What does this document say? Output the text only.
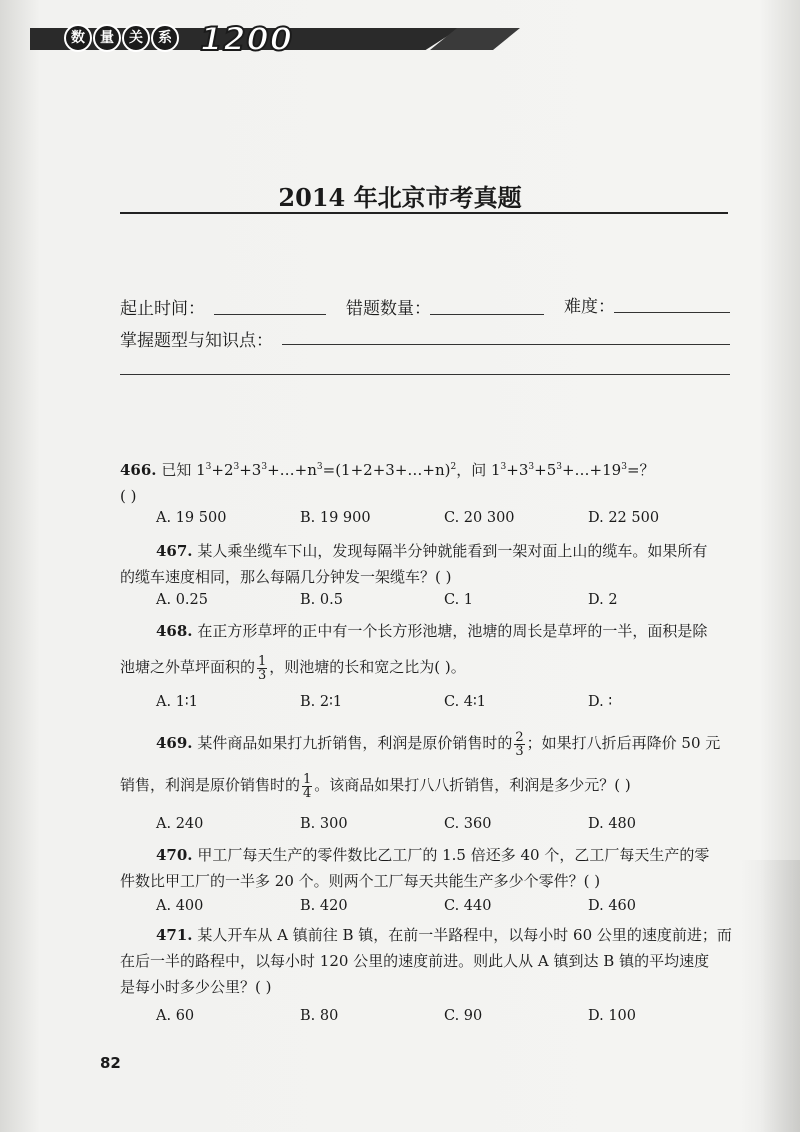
数	量	关	系 1200
2014 年北京市考真题
起止时间：	错题数量：	难度：
掌握题型与知识点：
466. 已知 $1^3+2^3+3^3+\dots+n^3=(1+2+3+\dots+n)^2$，问 $1^3+3^3+5^3+\dots+19^3=$？
( )
A. 19 500	B. 19 900	C. 20 300	D. 22 500
467. 某人乘坐缆车下山，发现每隔半分钟就能看到一架对面上山的缆车。如果所有
的缆车速度相同，那么每隔几分钟发一架缆车？( )
A. 0.25	B. 0.5	C. 1	D. 2
468. 在正方形草坪的正中有一个长方形池塘，池塘的周长是草坪的一半，面积是除
池塘之外草坪面积的 $\frac{1}{3}$ ，则池塘的长和宽之比为( )。
A. 1∶1	B. 2∶1	C. 4∶1	D. ∶
469. 某件商品如果打九折销售，利润是原价销售时的 $\frac{2}{3}$ ；如果打八折后再降价 50 元
销售，利润是原价销售时的 $\frac{1}{4}$ 。该商品如果打八八折销售，利润是多少元？( )
A. 240	B. 300	C. 360	D. 480
470. 甲工厂每天生产的零件数比乙工厂的 1.5 倍还多 40 个，乙工厂每天生产的零
件数比甲工厂的一半多 20 个。则两个工厂每天共能生产多少个零件？( )
A. 400	B. 420	C. 440	D. 460
471. 某人开车从 A 镇前往 B 镇，在前一半路程中，以每小时 60 公里的速度前进；而
在后一半的路程中，以每小时 120 公里的速度前进。则此人从 A 镇到达 B 镇的平均速度
是每小时多少公里？( )
A. 60	B. 80	C. 90	D. 100
82
